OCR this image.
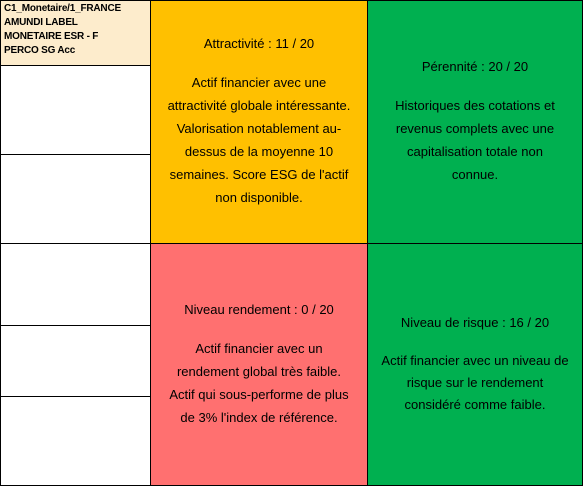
C1_Monetaire/1_FRANCE
AMUNDI LABEL
MONETAIRE ESR - F
PERCO SG Acc	Attractivité : 11 / 20
Actif financier avec une
attractivité globale intéressante.
Valorisation notablement au-
dessus de la moyenne 10
semaines. Score ESG de l'actif
non disponible.
Pérennité : 20 / 20
Historiques des cotations et
revenus complets avec une
capitalisation totale non
connue.
Niveau rendement : 0 / 20
Actif financier avec un
rendement global très faible.
Actif qui sous-performe de plus
de 3% l'index de référence.
Niveau de risque : 16 / 20
Actif financier avec un niveau de
risque sur le rendement
considéré comme faible.
